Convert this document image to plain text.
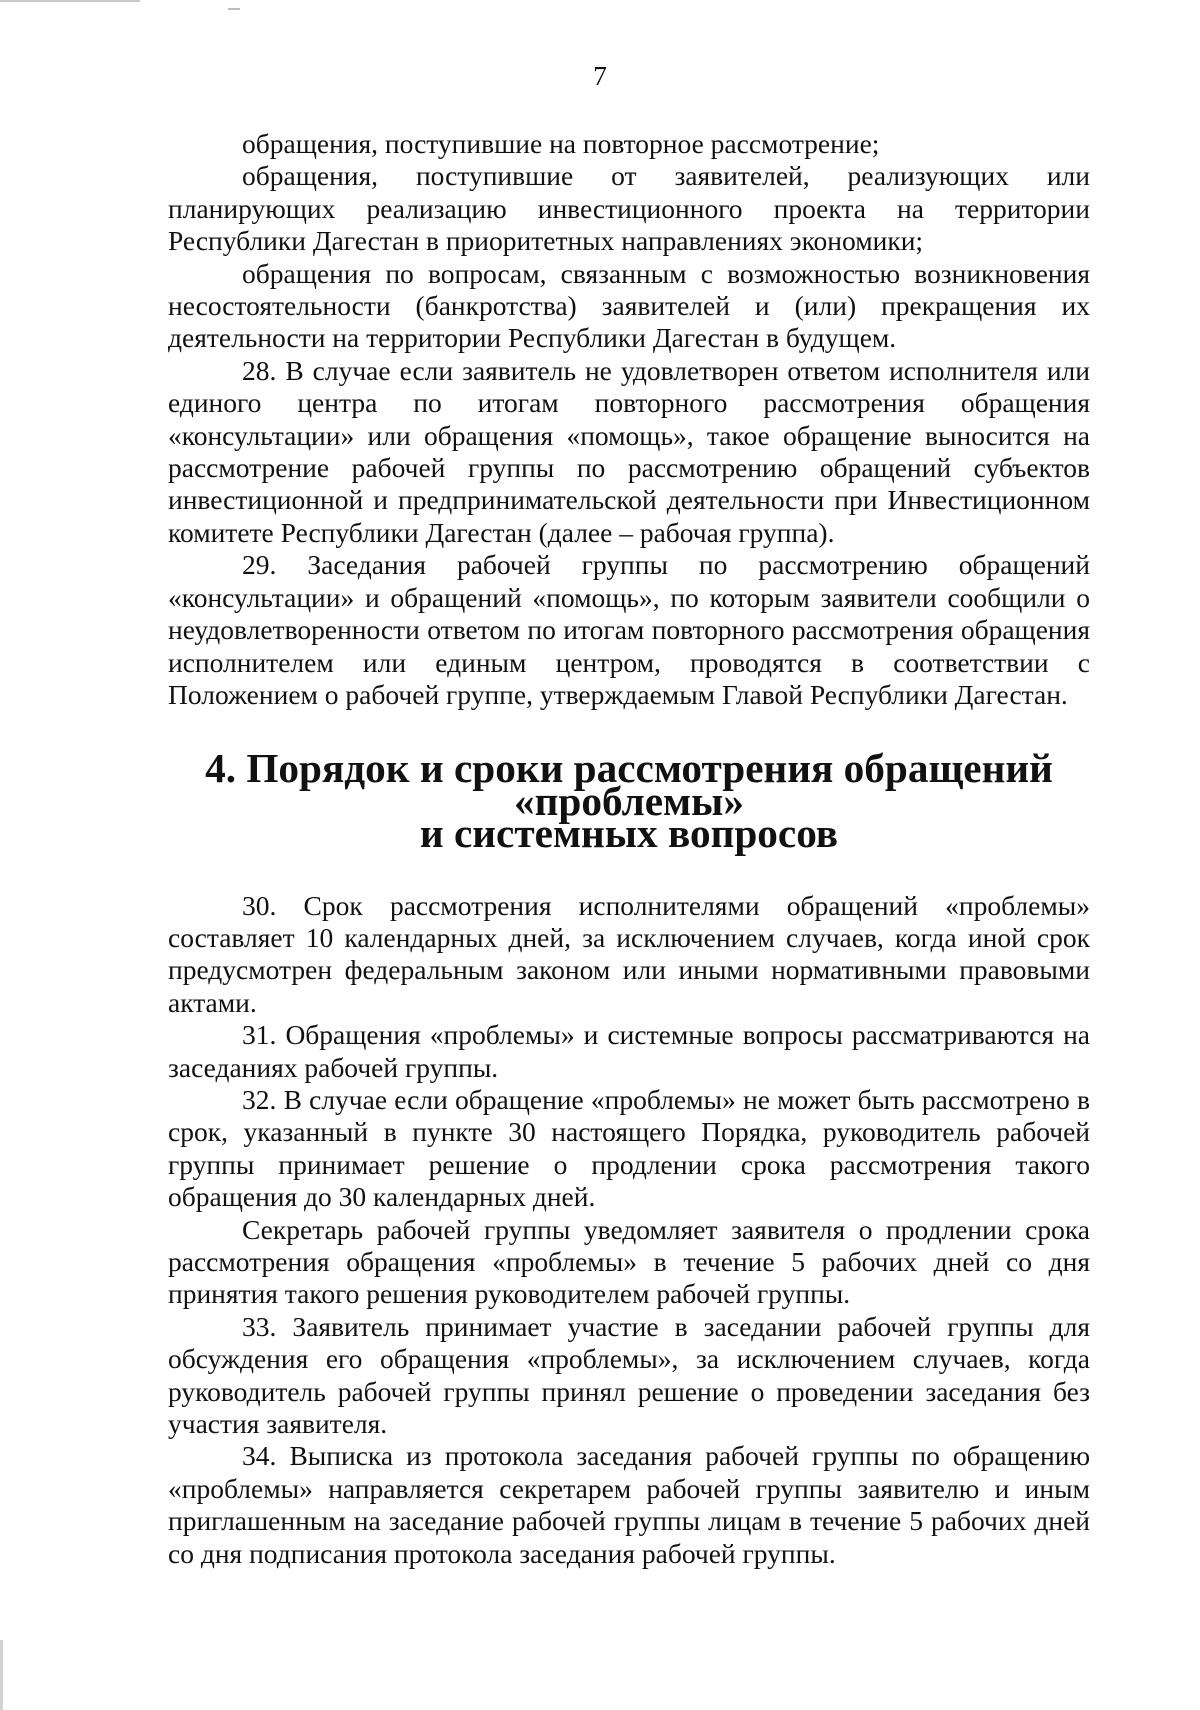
7

обращения, поступившие на повторное рассмотрение;

обращения, поступившие от заявителей, реализующих или планирующих реализацию инвестиционного проекта на территории Республики Дагестан в приоритетных направлениях экономики;

обращения по вопросам, связанным с возможностью возникновения несостоятельности (банкротства) заявителей и (или) прекращения их деятельности на территории Республики Дагестан в будущем.

28. В случае если заявитель не удовлетворен ответом исполнителя или единого центра по итогам повторного рассмотрения обращения «консультации» или обращения «помощь», такое обращение выносится на рассмотрение рабочей группы по рассмотрению обращений субъектов инвестиционной и предпринимательской деятельности при Инвестиционном комитете Республики Дагестан (далее – рабочая группа).

29. Заседания рабочей группы по рассмотрению обращений «консультации» и обращений «помощь», по которым заявители сообщили о неудовлетворенности ответом по итогам повторного рассмотрения обращения исполнителем или единым центром, проводятся в соответствии с Положением о рабочей группе, утверждаемым Главой Республики Дагестан.

4. Порядок и сроки рассмотрения обращений «проблемы»
и системных вопросов

30. Срок рассмотрения исполнителями обращений «проблемы» составляет 10 календарных дней, за исключением случаев, когда иной срок предусмотрен федеральным законом или иными нормативными правовыми актами.

31. Обращения «проблемы» и системные вопросы рассматриваются на заседаниях рабочей группы.

32. В случае если обращение «проблемы» не может быть рассмотрено в срок, указанный в пункте 30 настоящего Порядка, руководитель рабочей группы принимает решение о продлении срока рассмотрения такого обращения до 30 календарных дней.

Секретарь рабочей группы уведомляет заявителя о продлении срока рассмотрения обращения «проблемы» в течение 5 рабочих дней со дня принятия такого решения руководителем рабочей группы.

33. Заявитель принимает участие в заседании рабочей группы для обсуждения его обращения «проблемы», за исключением случаев, когда руководитель рабочей группы принял решение о проведении заседания без участия заявителя.

34. Выписка из протокола заседания рабочей группы по обращению «проблемы» направляется секретарем рабочей группы заявителю и иным приглашенным на заседание рабочей группы лицам в течение 5 рабочих дней со дня подписания протокола заседания рабочей группы.
